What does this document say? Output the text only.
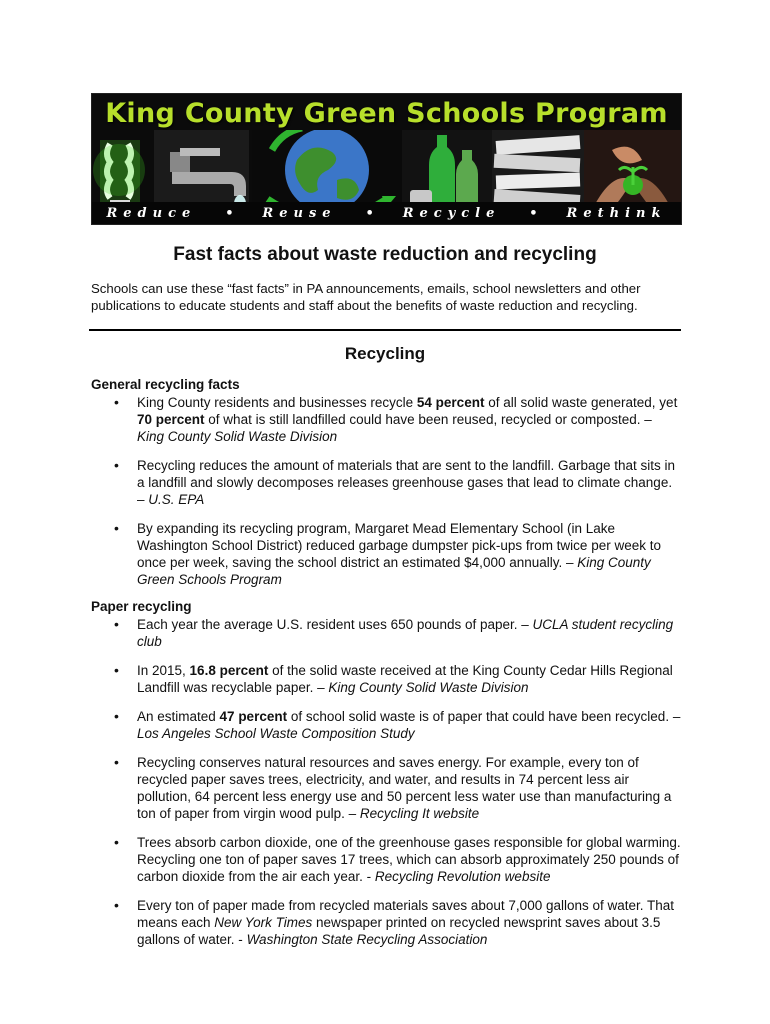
King County Green Schools Program
Reduce • Reuse • Recycle • Rethink
Fast facts about waste reduction and recycling
Schools can use these “fast facts” in PA announcements, emails, school newsletters and other publications to educate students and staff about the benefits of waste reduction and recycling.
Recycling
General recycling facts
• King County residents and businesses recycle 54 percent of all solid waste generated, yet 70 percent of what is still landfilled could have been reused, recycled or composted. – King County Solid Waste Division
• Recycling reduces the amount of materials that are sent to the landfill. Garbage that sits in a landfill and slowly decomposes releases greenhouse gases that lead to climate change. – U.S. EPA
• By expanding its recycling program, Margaret Mead Elementary School (in Lake Washington School District) reduced garbage dumpster pick-ups from twice per week to once per week, saving the school district an estimated $4,000 annually. – King County Green Schools Program
Paper recycling
• Each year the average U.S. resident uses 650 pounds of paper. – UCLA student recycling club
• In 2015, 16.8 percent of the solid waste received at the King County Cedar Hills Regional Landfill was recyclable paper. – King County Solid Waste Division
• An estimated 47 percent of school solid waste is of paper that could have been recycled. – Los Angeles School Waste Composition Study
• Recycling conserves natural resources and saves energy. For example, every ton of recycled paper saves trees, electricity, and water, and results in 74 percent less air pollution, 64 percent less energy use and 50 percent less water use than manufacturing a ton of paper from virgin wood pulp. – Recycling It website
• Trees absorb carbon dioxide, one of the greenhouse gases responsible for global warming. Recycling one ton of paper saves 17 trees, which can absorb approximately 250 pounds of carbon dioxide from the air each year. - Recycling Revolution website
• Every ton of paper made from recycled materials saves about 7,000 gallons of water. That means each New York Times newspaper printed on recycled newsprint saves about 3.5 gallons of water. - Washington State Recycling Association
